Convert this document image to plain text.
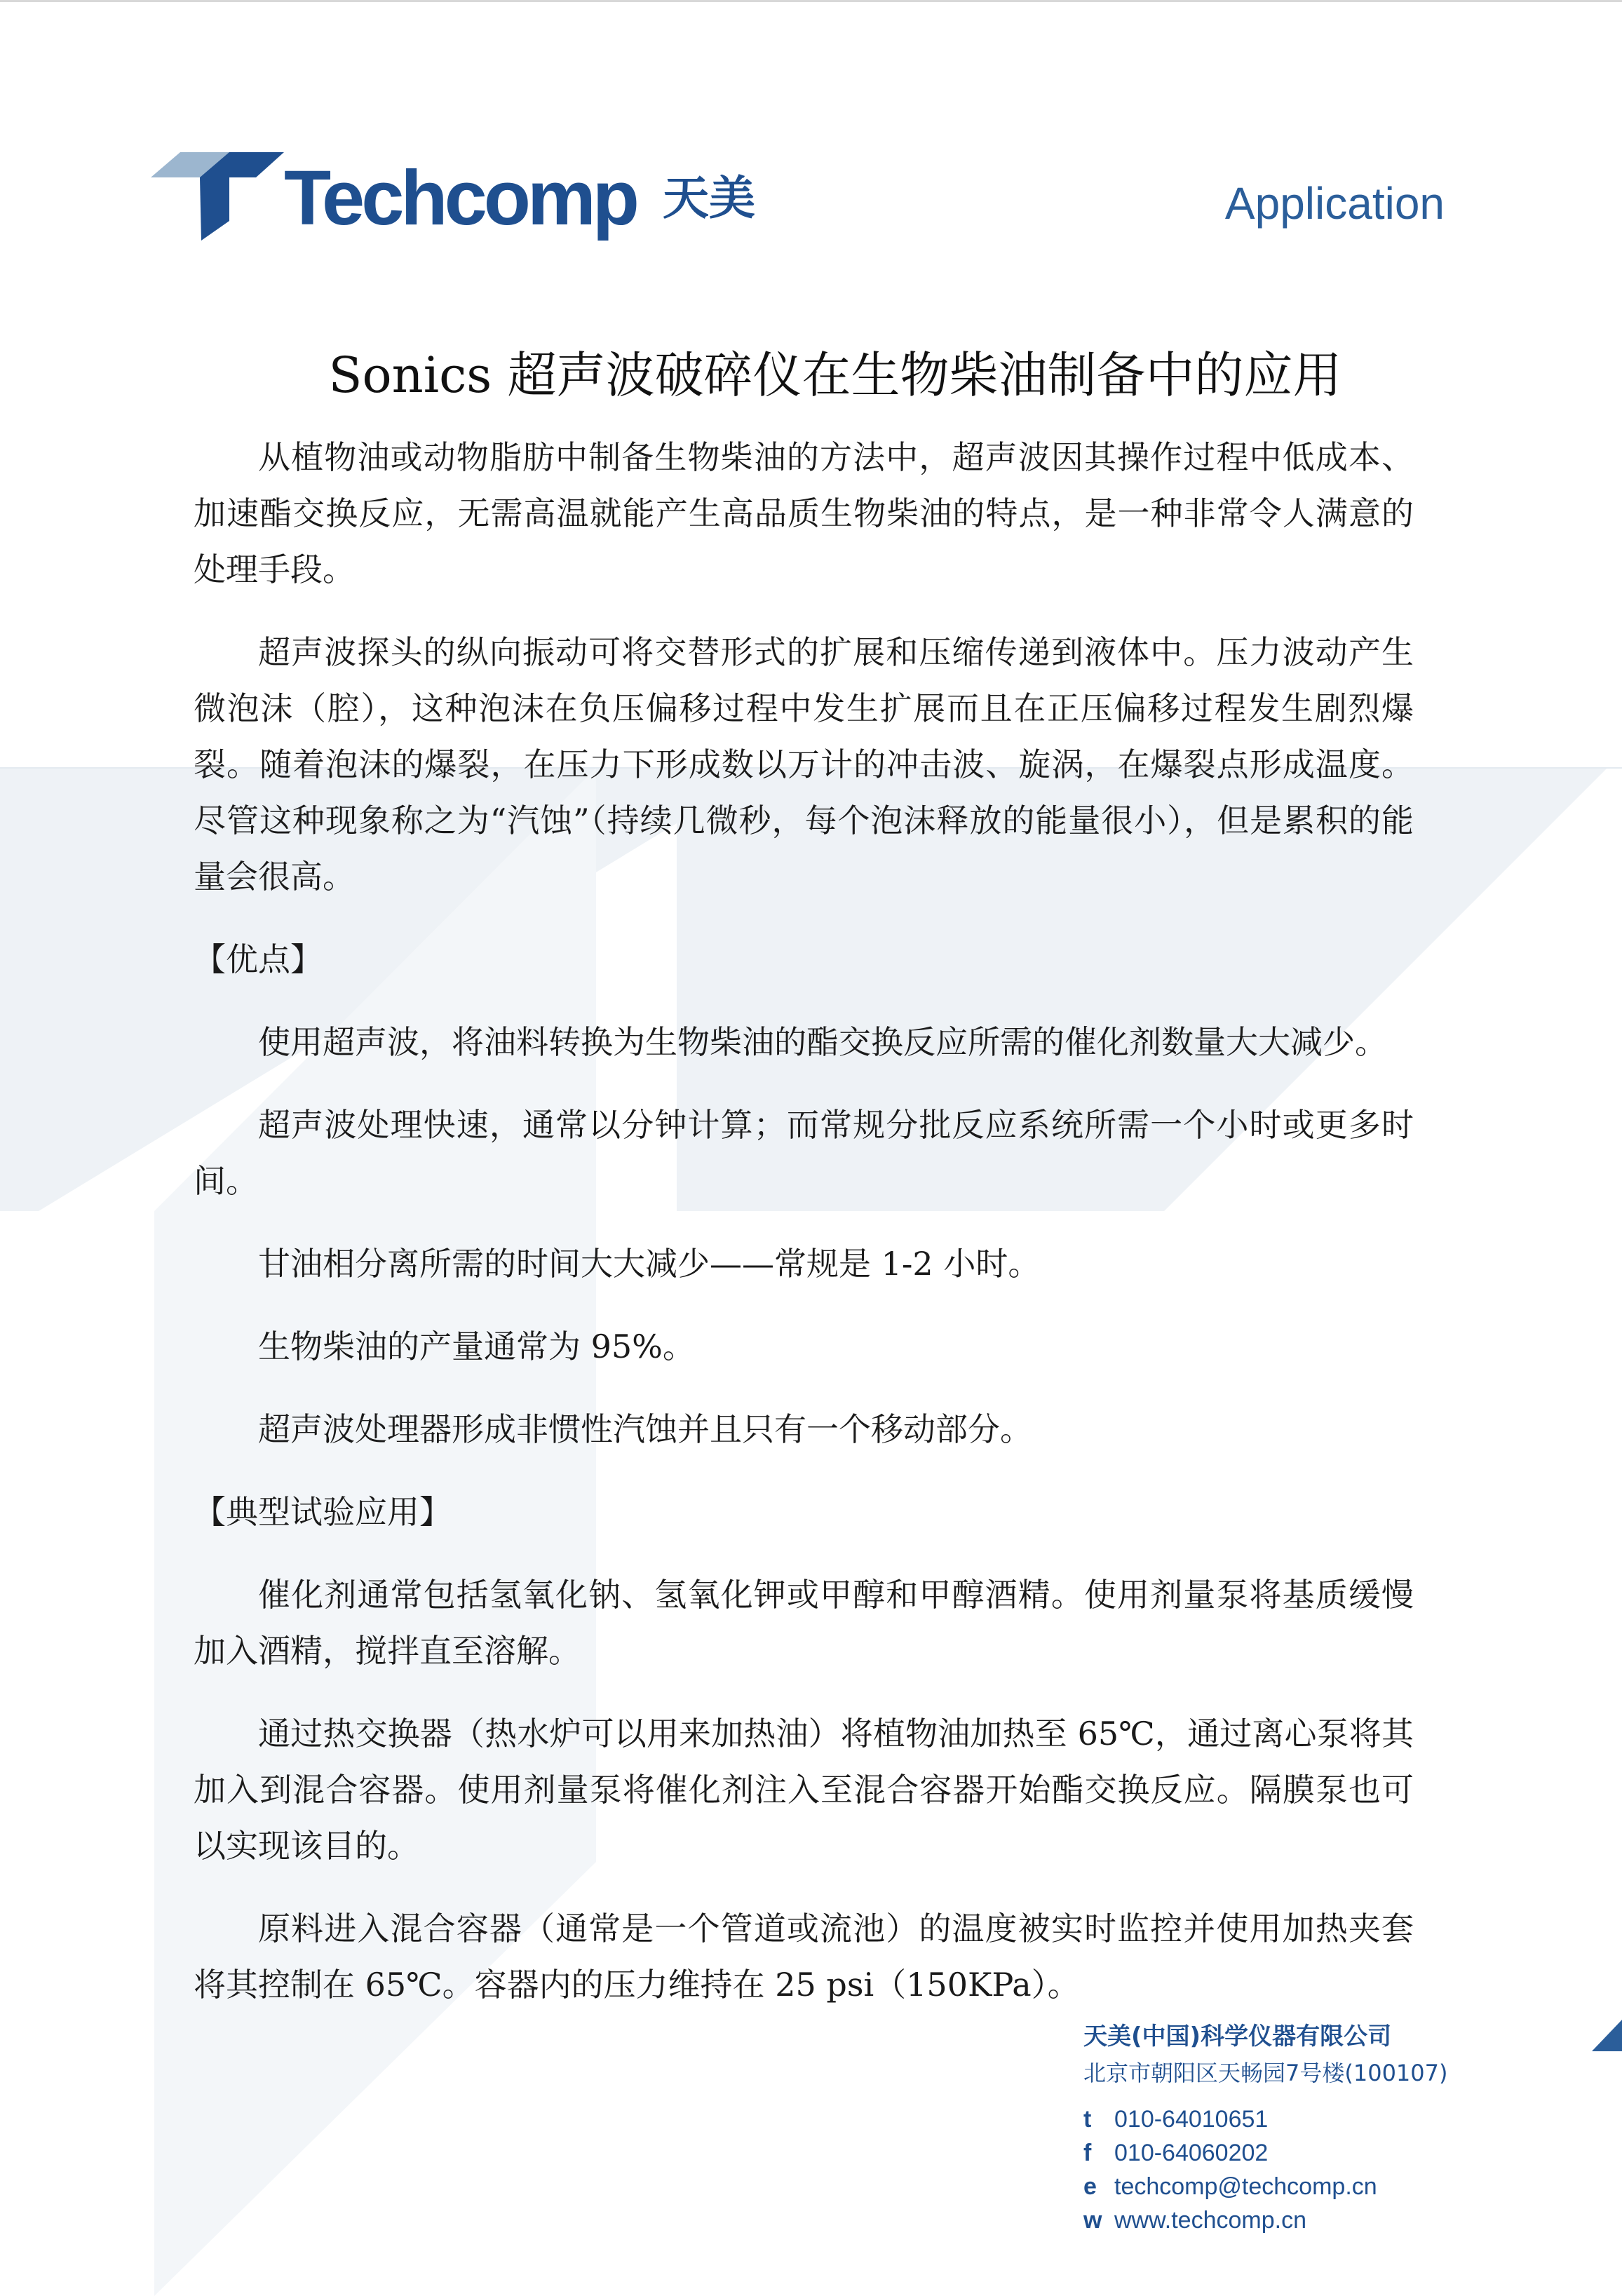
Techcomp 天美	Application
Sonics 超声波破碎仪在生物柴油制备中的应用

从植物油或动物脂肪中制备生物柴油的方法中，超声波因其操作过程中低成本、加速酯交换反应，无需高温就能产生高品质生物柴油的特点，是一种非常令人满意的处理手段。

超声波探头的纵向振动可将交替形式的扩展和压缩传递到液体中。压力波动产生微泡沫（腔），这种泡沫在负压偏移过程中发生扩展而且在正压偏移过程发生剧烈爆裂。随着泡沫的爆裂，在压力下形成数以万计的冲击波、旋涡，在爆裂点形成温度。尽管这种现象称之为“汽蚀”（持续几微秒，每个泡沫释放的能量很小），但是累积的能量会很高。

【优点】

使用超声波，将油料转换为生物柴油的酯交换反应所需的催化剂数量大大减少。

超声波处理快速，通常以分钟计算；而常规分批反应系统所需一个小时或更多时间。

甘油相分离所需的时间大大减少——常规是 1-2 小时。

生物柴油的产量通常为 95%。

超声波处理器形成非惯性汽蚀并且只有一个移动部分。

【典型试验应用】

催化剂通常包括氢氧化钠、氢氧化钾或甲醇和甲醇酒精。使用剂量泵将基质缓慢加入酒精，搅拌直至溶解。

通过热交换器（热水炉可以用来加热油）将植物油加热至 65℃，通过离心泵将其加入到混合容器。使用剂量泵将催化剂注入至混合容器开始酯交换反应。隔膜泵也可以实现该目的。

原料进入混合容器（通常是一个管道或流池）的温度被实时监控并使用加热夹套将其控制在 65℃。容器内的压力维持在 25 psi（150KPa）。

天美(中国)科学仪器有限公司

北京市朝阳区天畅园7号楼(100107)

t 010-64010651
f 010-64060202
e techcomp@techcomp.cn
w www.techcomp.cn
